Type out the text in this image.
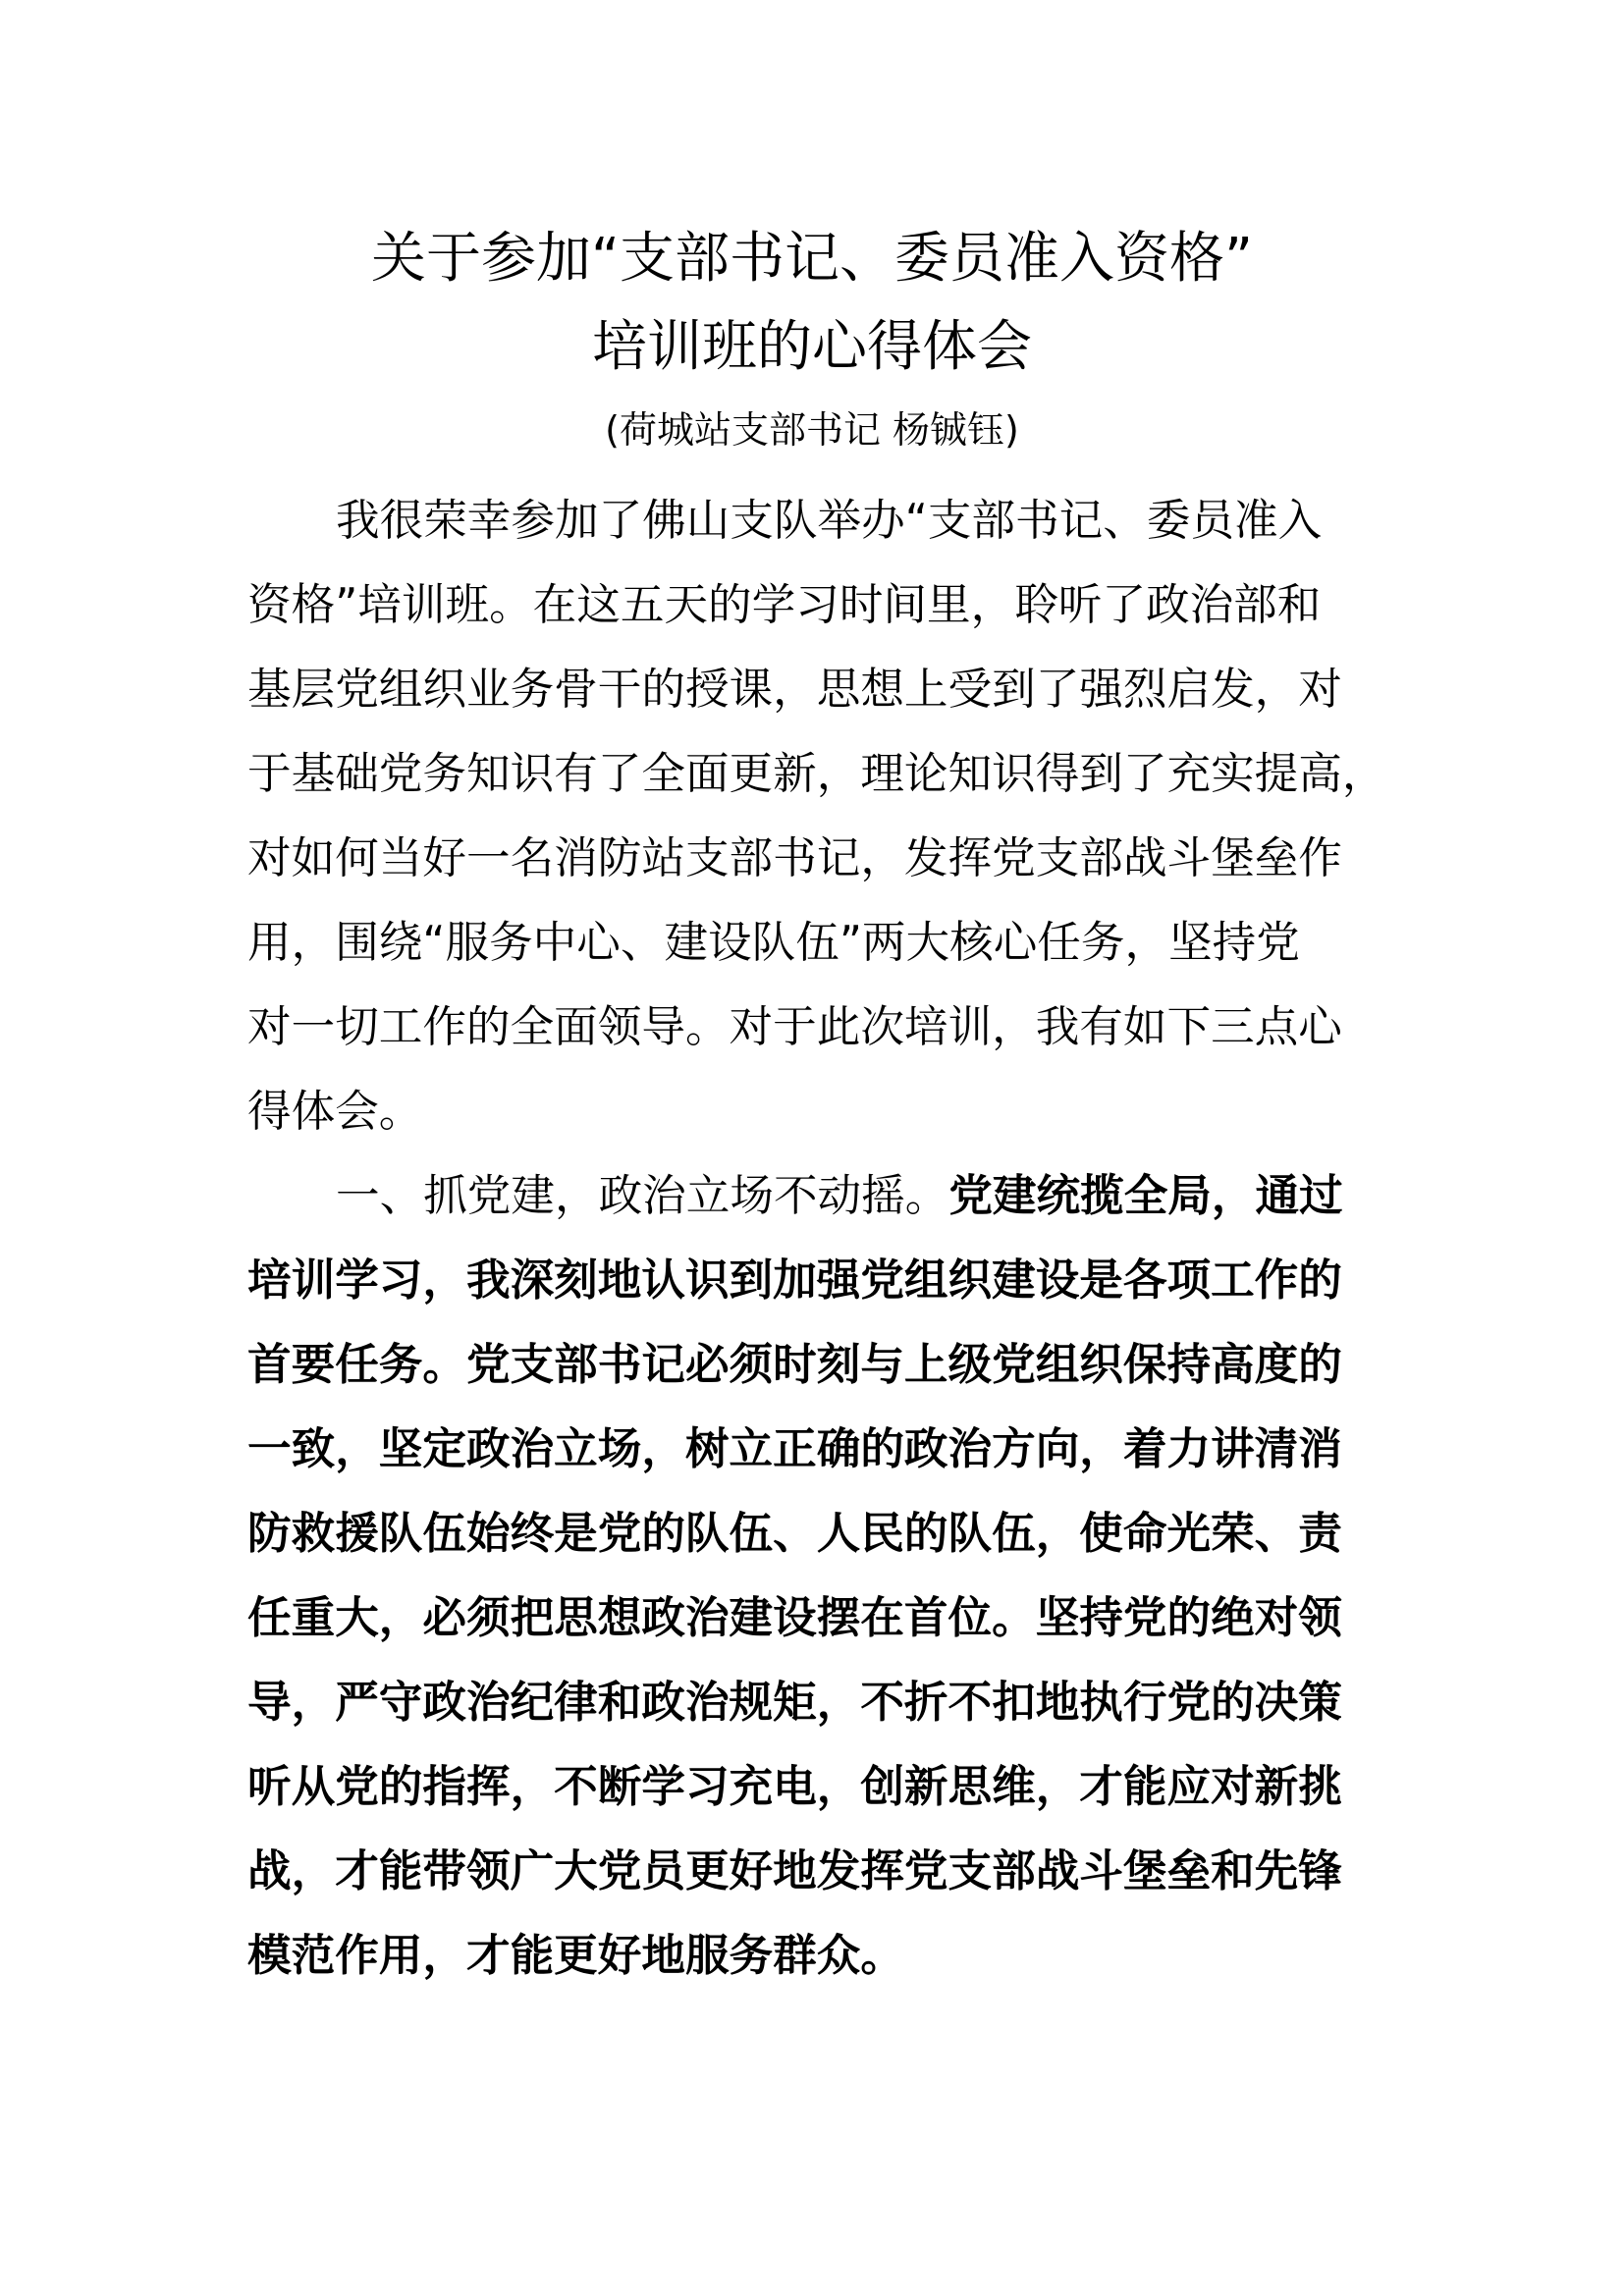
关于参加“支部书记、委员准入资格”
培训班的心得体会

(荷城站支部书记 杨铖钰)

我很荣幸参加了佛山支队举办“支部书记、委员准入

资格”培训班。在这五天的学习时间里，聆听了政治部和

基层党组织业务骨干的授课，思想上受到了强烈启发，对

于基础党务知识有了全面更新，理论知识得到了充实提高，

对如何当好一名消防站支部书记，发挥党支部战斗堡垒作

用，围绕“服务中心、建设队伍”两大核心任务，坚持党

对一切工作的全面领导。对于此次培训，我有如下三点心

得体会。

一、抓党建，政治立场不动摇。党建统揽全局，通过

培训学习，我深刻地认识到加强党组织建设是各项工作的

首要任务。党支部书记必须时刻与上级党组织保持高度的

一致，坚定政治立场，树立正确的政治方向，着力讲清消

防救援队伍始终是党的队伍、人民的队伍，使命光荣、责

任重大，必须把思想政治建设摆在首位。坚持党的绝对领

导，严守政治纪律和政治规矩，不折不扣地执行党的决策

听从党的指挥，不断学习充电，创新思维，才能应对新挑

战，才能带领广大党员更好地发挥党支部战斗堡垒和先锋

模范作用，才能更好地服务群众。
